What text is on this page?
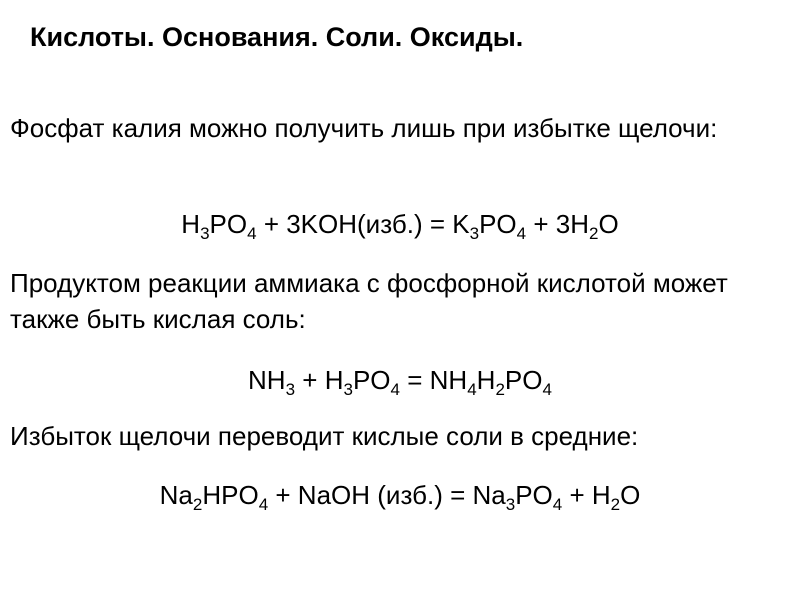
Кислоты. Основания. Соли. Оксиды.
Фосфат калия можно получить лишь при избытке щелочи:
$H_3PO_4 + 3KOH(изб.) = K_3PO_4 + 3H_2O$
Продуктом реакции аммиака с фосфорной кислотой может также быть кислая соль:
$NH_3 + H_3PO_4 = NH_4H_2PO_4$
Избыток щелочи переводит кислые соли в средние:
$Na_2HPO_4$ + NaOH $(изб.) = Na_3PO_4 + H_2O$
